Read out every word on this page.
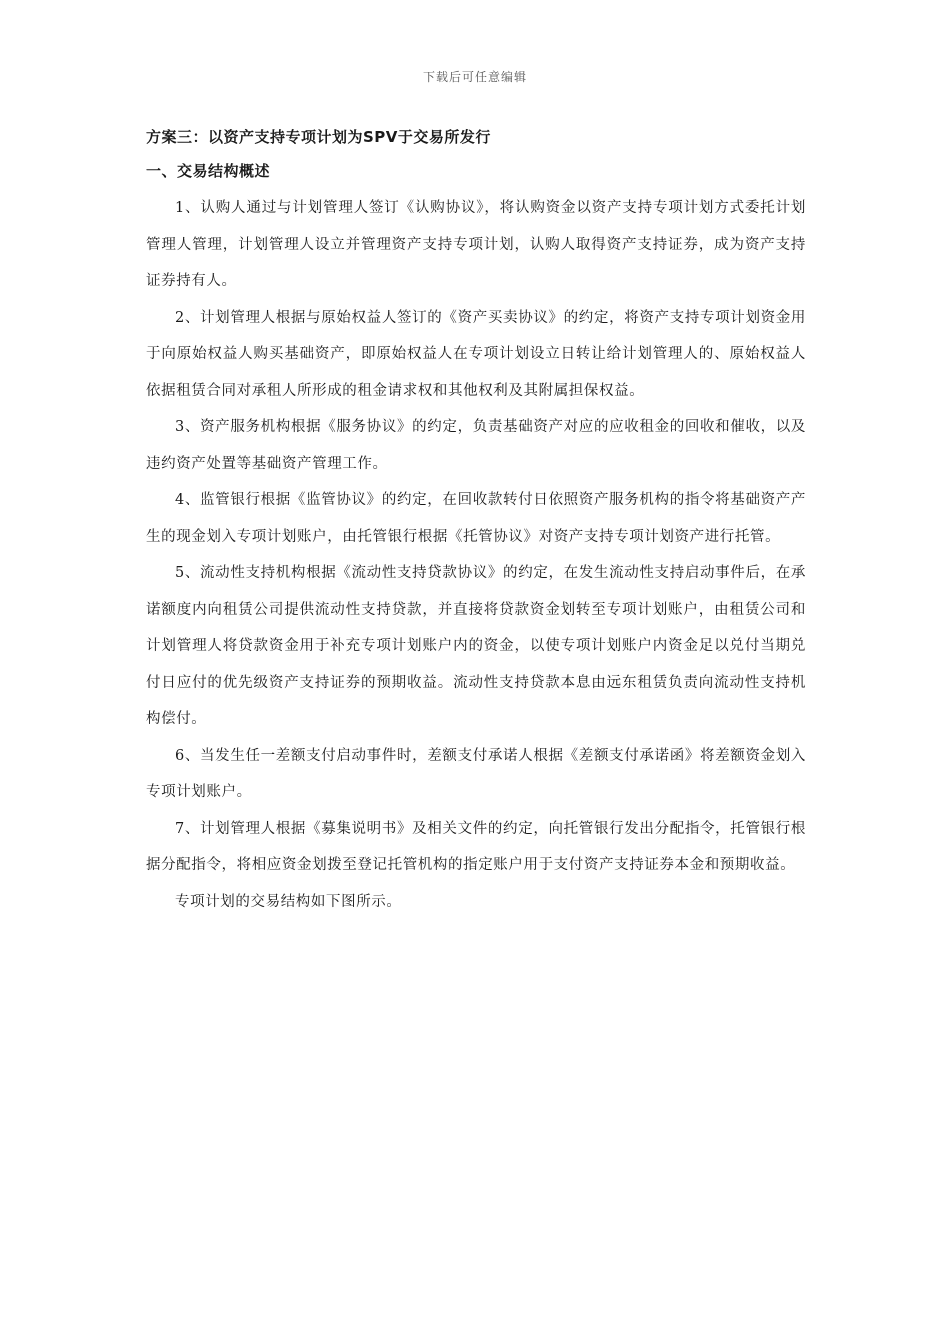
下载后可任意编辑

方案三：以资产支持专项计划为SPV于交易所发行

一、交易结构概述

1、认购人通过与计划管理人签订《认购协议》，将认购资金以资产支持专项计划方式委托计划管理人管理，计划管理人设立并管理资产支持专项计划，认购人取得资产支持证券，成为资产支持证券持有人。

2、计划管理人根据与原始权益人签订的《资产买卖协议》的约定，将资产支持专项计划资金用于向原始权益人购买基础资产，即原始权益人在专项计划设立日转让给计划管理人的、原始权益人依据租赁合同对承租人所形成的租金请求权和其他权利及其附属担保权益。

3、资产服务机构根据《服务协议》的约定，负责基础资产对应的应收租金的回收和催收，以及违约资产处置等基础资产管理工作。

4、监管银行根据《监管协议》的约定，在回收款转付日依照资产服务机构的指令将基础资产产生的现金划入专项计划账户，由托管银行根据《托管协议》对资产支持专项计划资产进行托管。

5、流动性支持机构根据《流动性支持贷款协议》的约定，在发生流动性支持启动事件后，在承诺额度内向租赁公司提供流动性支持贷款，并直接将贷款资金划转至专项计划账户，由租赁公司和计划管理人将贷款资金用于补充专项计划账户内的资金，以使专项计划账户内资金足以兑付当期兑付日应付的优先级资产支持证券的预期收益。流动性支持贷款本息由远东租赁负责向流动性支持机构偿付。

6、当发生任一差额支付启动事件时，差额支付承诺人根据《差额支付承诺函》将差额资金划入专项计划账户。

7、计划管理人根据《募集说明书》及相关文件的约定，向托管银行发出分配指令，托管银行根据分配指令，将相应资金划拨至登记托管机构的指定账户用于支付资产支持证券本金和预期收益。

专项计划的交易结构如下图所示。
